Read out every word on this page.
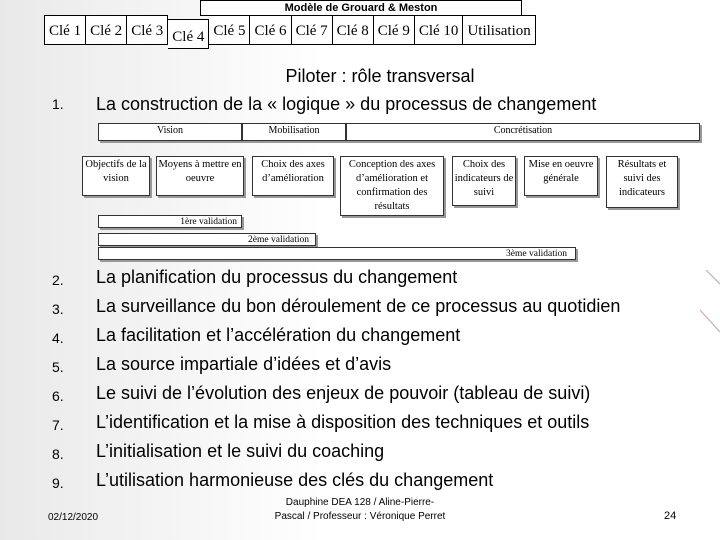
Modèle de Grouard & Meston
Clé 1 Clé 2 Clé 3 Clé 4 Clé 5 Clé 6 Clé 7 Clé 8 Clé 9 Clé 10 Utilisation
Piloter : rôle transversal
1.	La construction de la « logique » du processus de changement
Vision	Mobilisation	Concrétisation
Objectifs de la vision
Moyens à mettre en oeuvre
Choix des axes d’amélioration
Conception des axes d’amélioration et confirmation des résultats
Choix des indicateurs de suivi
Mise en oeuvre générale
Résultats et suivi des indicateurs
1ère validation
2ème validation
3ème validation
2.	La planification du processus du changement
3.	La surveillance du bon déroulement de ce processus au quotidien
4.	La facilitation et l’accélération du changement
5.	La source impartiale d’idées et d’avis
6.	Le suivi de l’évolution des enjeux de pouvoir (tableau de suivi)
7.	L’identification et la mise à disposition des techniques et outils
8.	L’initialisation et le suivi du coaching
9.	L’utilisation harmonieuse des clés du changement
02/12/2020
Dauphine DEA 128 / Aline-Pierre-
Pascal / Professeur : Véronique Perret	24
